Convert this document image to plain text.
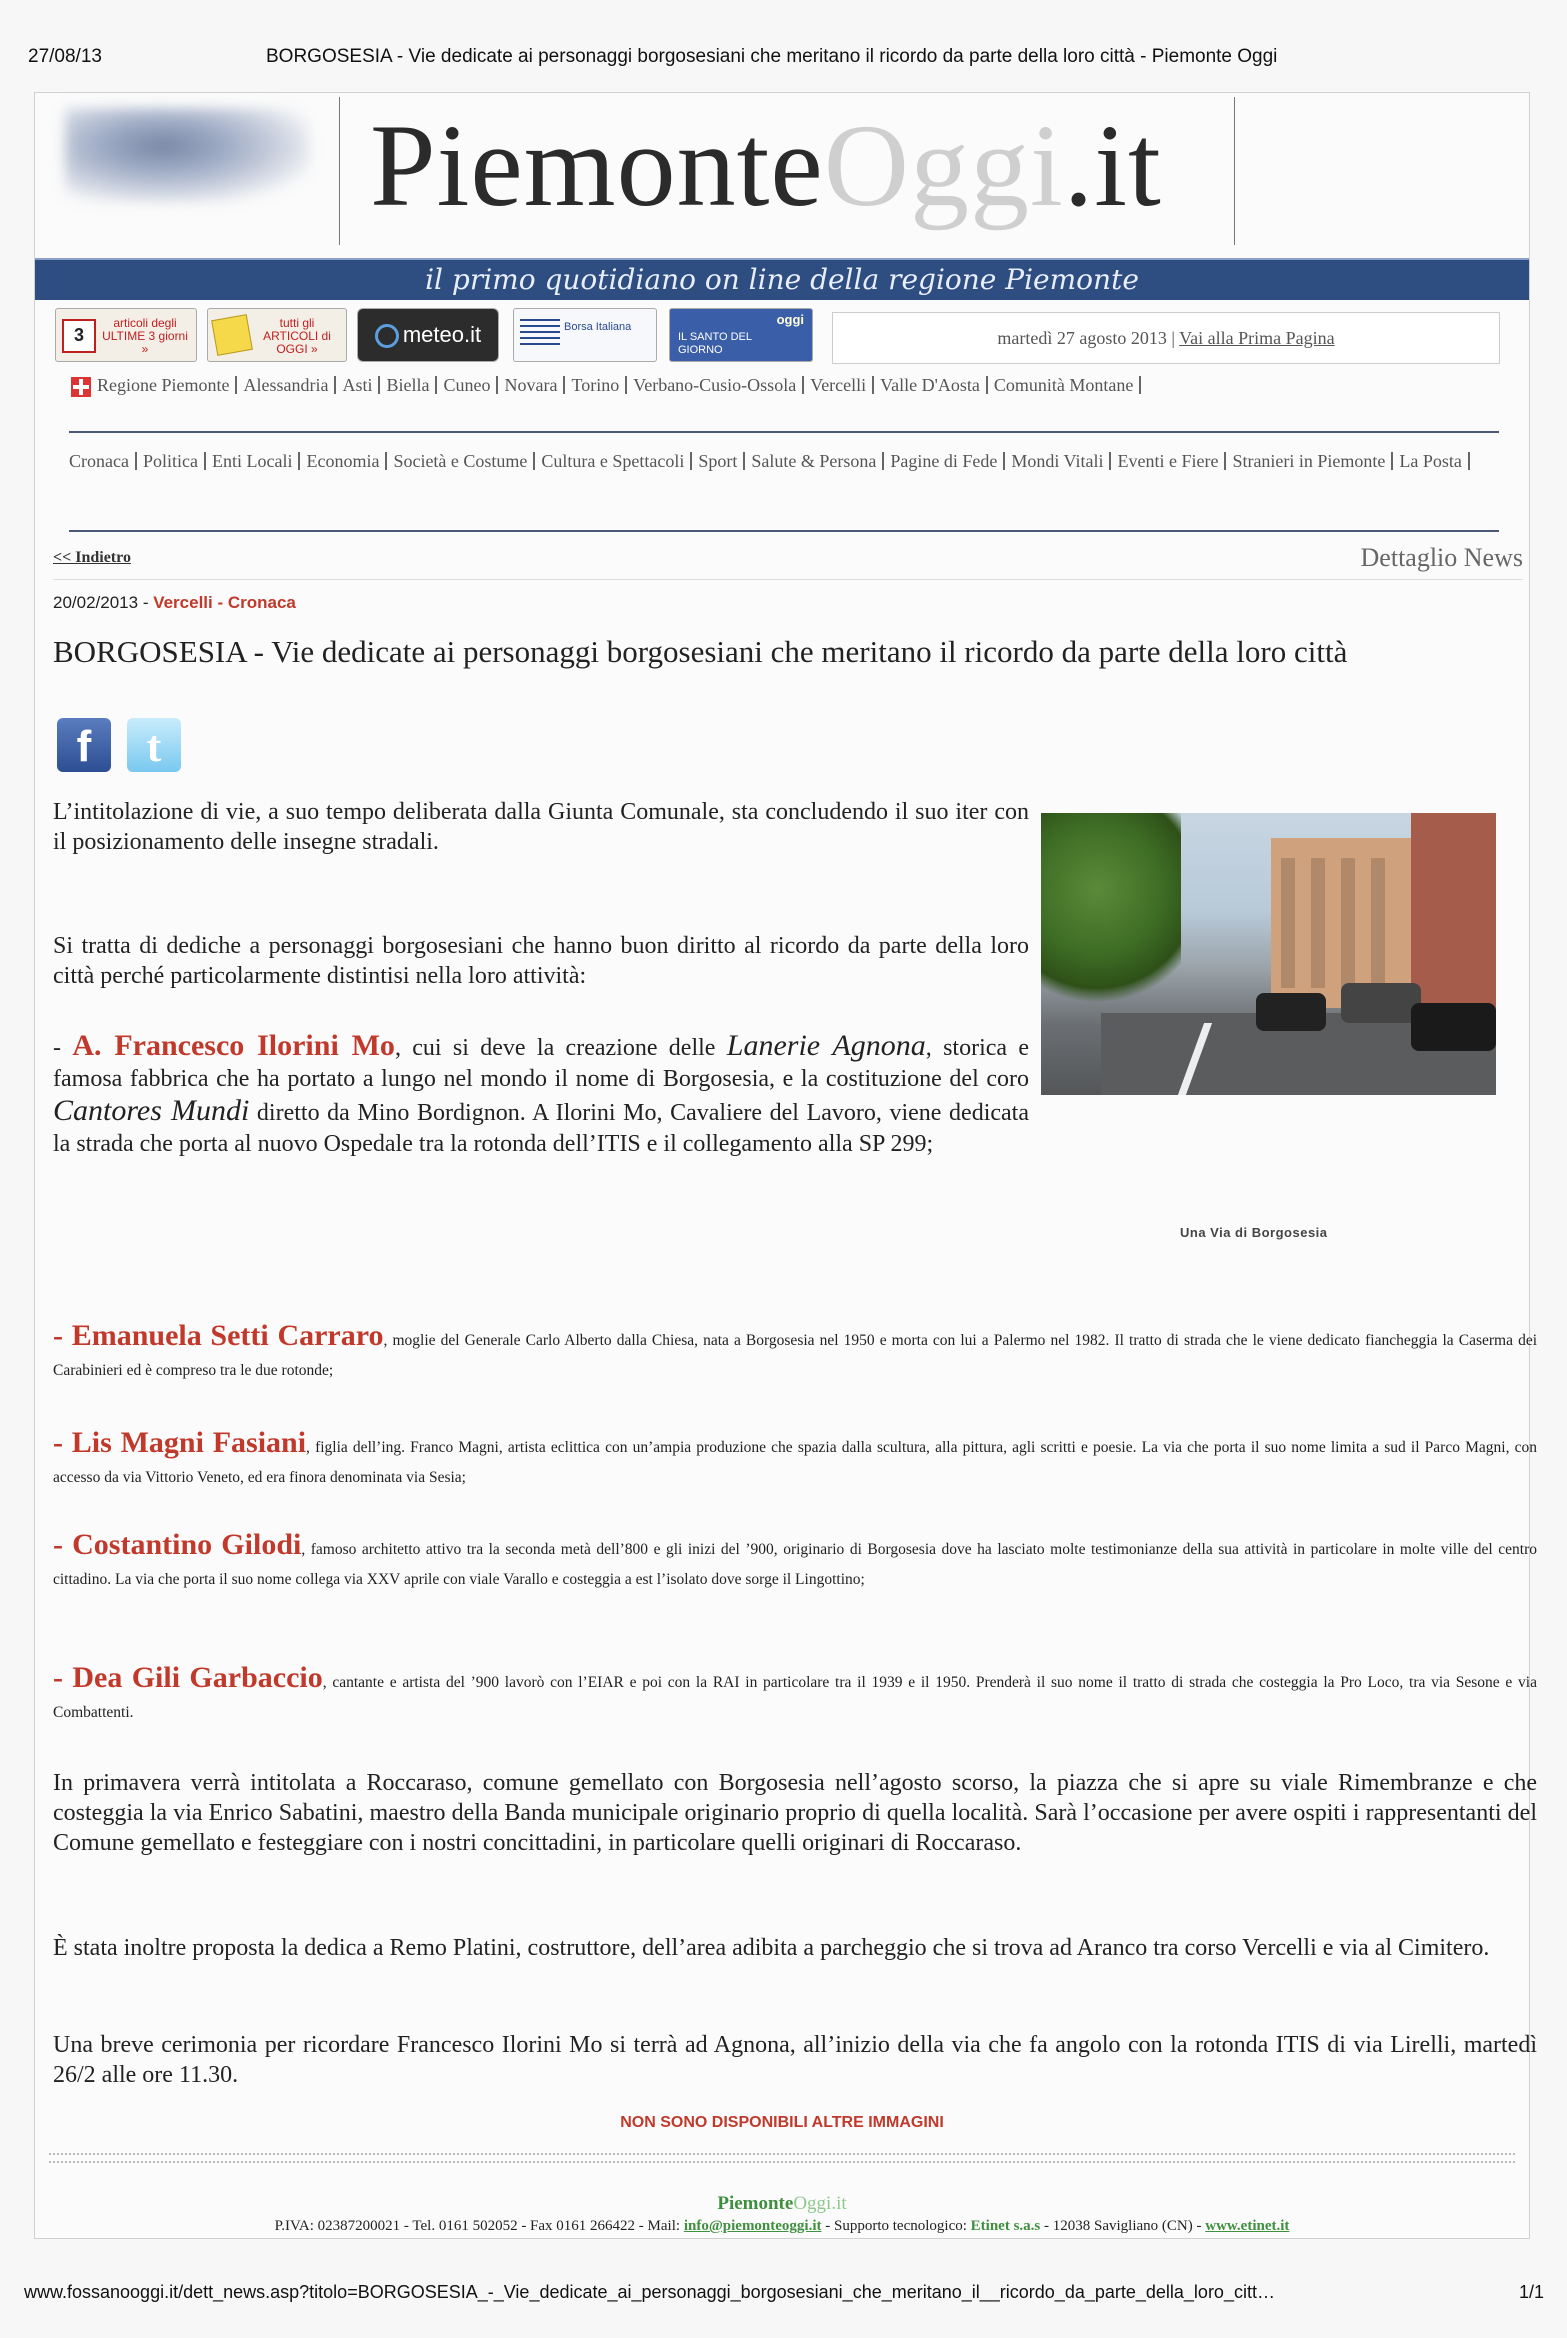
27/08/13	BORGOSESIA - Vie dedicate ai personaggi borgosesiani che meritano il ricordo da parte della loro città - Piemonte Oggi
PiemonteOggi.it
il primo quotidiano on line della regione Piemonte
3
articoli degli ULTIME 3 giorni »
tutti gli ARTICOLI di OGGI »
meteo.it	Borsa Italiana
IL SANTO DEL GIORNO
oggi
martedì 27 agosto 2013 | Vai alla Prima Pagina
Regione Piemonte Alessandria Asti Biella Cuneo Novara Torino Verbano-Cusio-Ossola Vercelli Valle D'Aosta Comunità Montane
Cronaca Politica Enti Locali Economia Società e Costume Cultura e Spettacoli Sport Salute & Persona Pagine di Fede Mondi Vitali Eventi e Fiere Stranieri in Piemonte La Posta
<< Indietro	Dettaglio News
20/02/2013 - Vercelli - Cronaca
BORGOSESIA - Vie dedicate ai personaggi borgosesiani che meritano il ricordo da parte della loro città
f	t
L’intitolazione di vie, a suo tempo deliberata dalla Giunta Comunale, sta concludendo il suo iter con il posizionamento delle insegne stradali.
Si tratta di dediche a personaggi borgosesiani che hanno buon diritto al ricordo da parte della loro città perché particolarmente distintisi nella loro attività:
- A. Francesco Ilorini Mo, cui si deve la creazione delle Lanerie Agnona, storica e famosa fabbrica che ha portato a lungo nel mondo il nome di Borgosesia, e la costituzione del coro Cantores Mundi diretto da Mino Bordignon. A Ilorini Mo, Cavaliere del Lavoro, viene dedicata la strada che porta al nuovo Ospedale tra la rotonda dell’ITIS e il collegamento alla SP 299;
Una Via di Borgosesia
- Emanuela Setti Carraro, moglie del Generale Carlo Alberto dalla Chiesa, nata a Borgosesia nel 1950 e morta con lui a Palermo nel 1982. Il tratto di strada che le viene dedicato fiancheggia la Caserma dei Carabinieri ed è compreso tra le due rotonde;
- Lis Magni Fasiani, figlia dell’ing. Franco Magni, artista eclittica con un’ampia produzione che spazia dalla scultura, alla pittura, agli scritti e poesie. La via che porta il suo nome limita a sud il Parco Magni, con accesso da via Vittorio Veneto, ed era finora denominata via Sesia;
- Costantino Gilodi, famoso architetto attivo tra la seconda metà dell’800 e gli inizi del ’900, originario di Borgosesia dove ha lasciato molte testimonianze della sua attività in particolare in molte ville del centro cittadino. La via che porta il suo nome collega via XXV aprile con viale Varallo e costeggia a est l’isolato dove sorge il Lingottino;
- Dea Gili Garbaccio, cantante e artista del ’900 lavorò con l’EIAR e poi con la RAI in particolare tra il 1939 e il 1950. Prenderà il suo nome il tratto di strada che costeggia la Pro Loco, tra via Sesone e via Combattenti.
In primavera verrà intitolata a Roccaraso, comune gemellato con Borgosesia nell’agosto scorso, la piazza che si apre su viale Rimembranze e che costeggia la via Enrico Sabatini, maestro della Banda municipale originario proprio di quella località. Sarà l’occasione per avere ospiti i rappresentanti del Comune gemellato e festeggiare con i nostri concittadini, in particolare quelli originari di Roccaraso.
È stata inoltre proposta la dedica a Remo Platini, costruttore, dell’area adibita a parcheggio che si trova ad Aranco tra corso Vercelli e via al Cimitero.
Una breve cerimonia per ricordare Francesco Ilorini Mo si terrà ad Agnona, all’inizio della via che fa angolo con la rotonda ITIS di via Lirelli, martedì 26/2 alle ore 11.30.
NON SONO DISPONIBILI ALTRE IMMAGINI
PiemonteOggi.it
P.IVA: 02387200021 - Tel. 0161 502052 - Fax 0161 266422 - Mail: info@piemonteoggi.it - Supporto tecnologico: Etinet s.a.s - 12038 Savigliano (CN) - www.etinet.it
www.fossanooggi.it/dett_news.asp?titolo=BORGOSESIA_-_Vie_dedicate_ai_personaggi_borgosesiani_che_meritano_il__ricordo_da_parte_della_loro_citt…	1/1
